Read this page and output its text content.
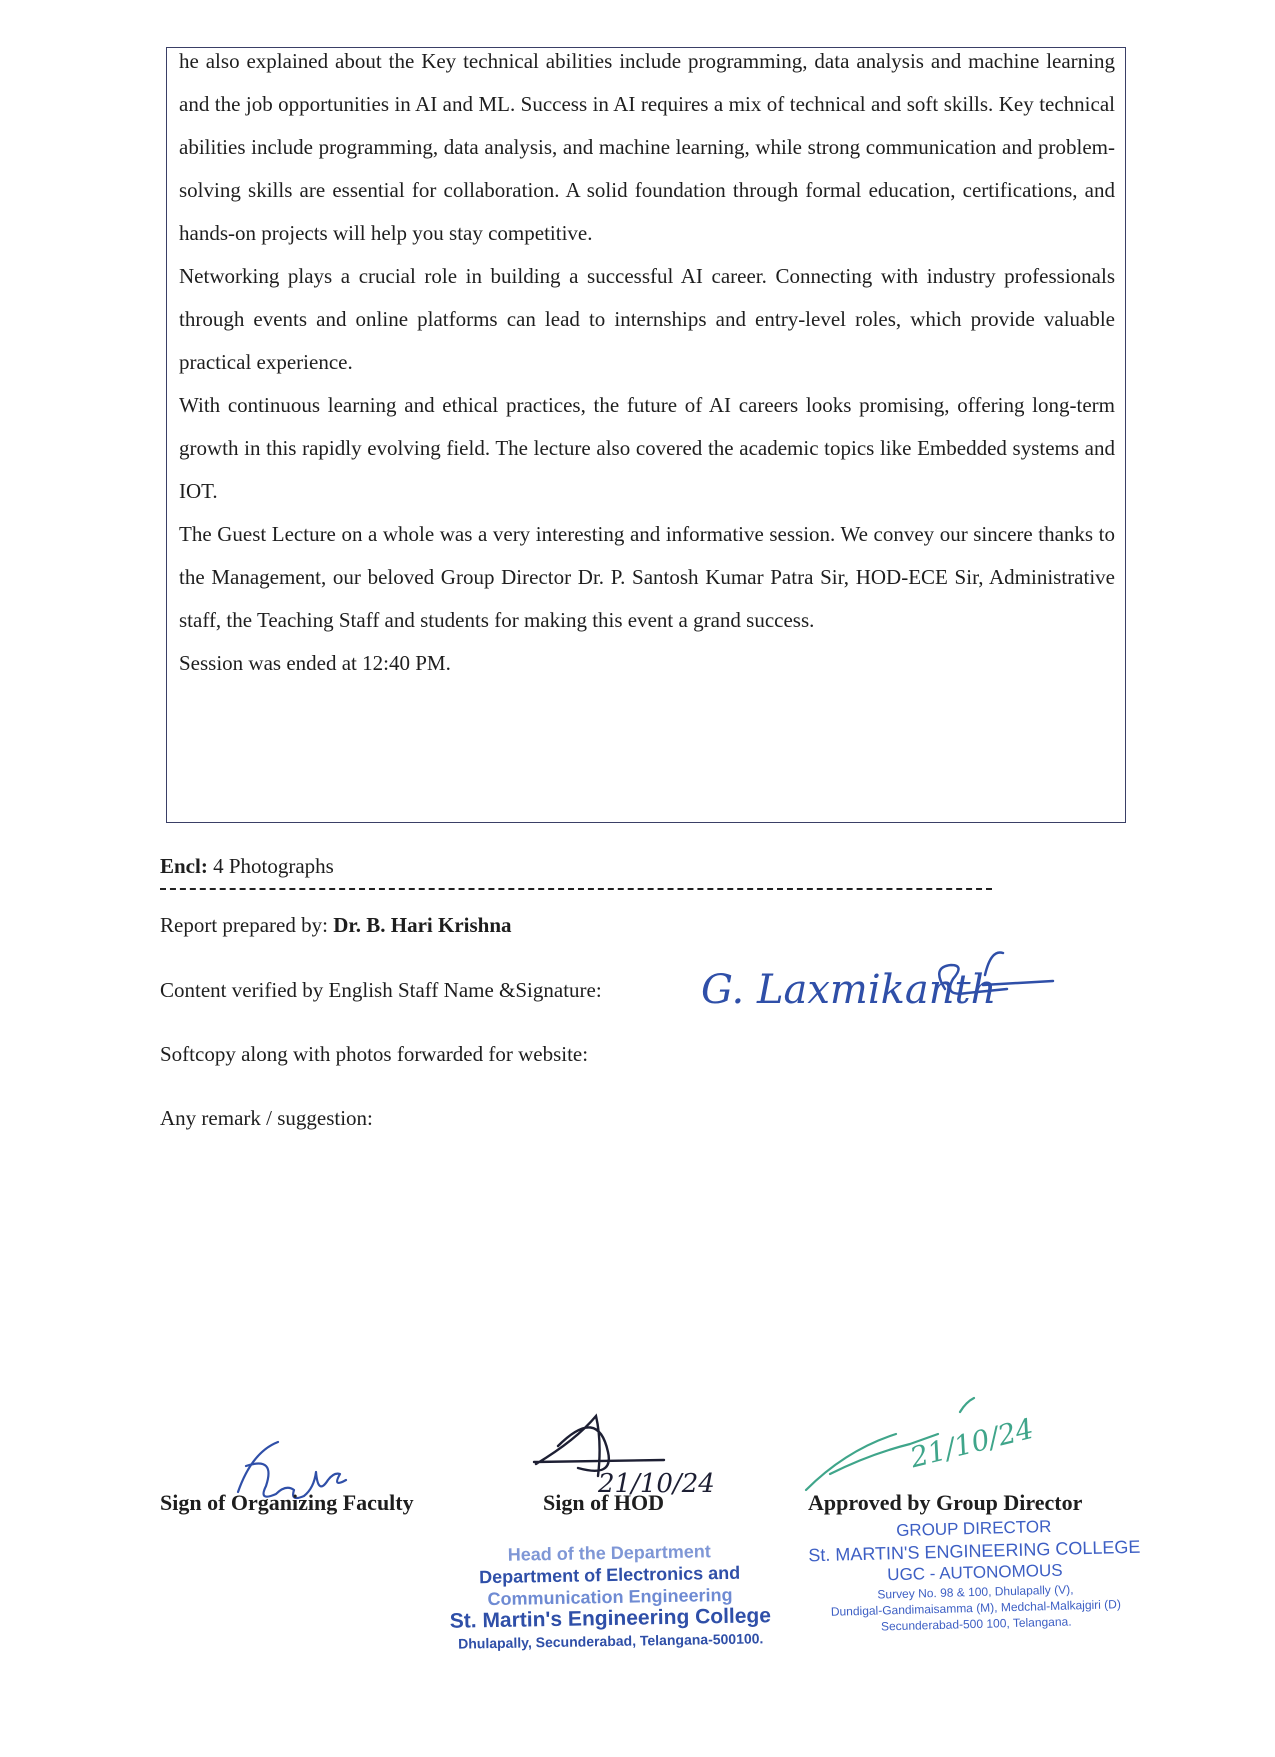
he also explained about the Key technical abilities include programming, data analysis and machine learning and the job opportunities in AI and ML. Success in AI requires a mix of technical and soft skills. Key technical abilities include programming, data analysis, and machine learning, while strong communication and problem-solving skills are essential for collaboration. A solid foundation through formal education, certifications, and hands-on projects will help you stay competitive.

Networking plays a crucial role in building a successful AI career. Connecting with industry professionals through events and online platforms can lead to internships and entry-level roles, which provide valuable practical experience.

With continuous learning and ethical practices, the future of AI careers looks promising, offering long-term growth in this rapidly evolving field. The lecture also covered the academic topics like Embedded systems and IOT.

The Guest Lecture on a whole was a very interesting and informative session. We convey our sincere thanks to the Management, our beloved Group Director Dr. P. Santosh Kumar Patra Sir, HOD-ECE Sir, Administrative staff, the Teaching Staff and students for making this event a grand success.

Session was ended at 12:40 PM.

Encl: 4 Photographs
Report prepared by: Dr. B. Hari Krishna
Content verified by English Staff Name &Signature:
Softcopy along with photos forwarded for website:
Any remark / suggestion:
G. Laxmikanth
21/10/24
21/10/24
Sign of Organizing Faculty	Sign of HOD	Approved by Group Director
Head of the Department
Department of Electronics and
Communication Engineering
St. Martin's Engineering College
Dhulapally, Secunderabad, Telangana-500100.
GROUP DIRECTOR
St. MARTIN'S ENGINEERING COLLEGE
UGC - AUTONOMOUS
Survey No. 98 & 100, Dhulapally (V),
Dundigal-Gandimaisamma (M), Medchal-Malkajgiri (D)
Secunderabad-500 100, Telangana.
